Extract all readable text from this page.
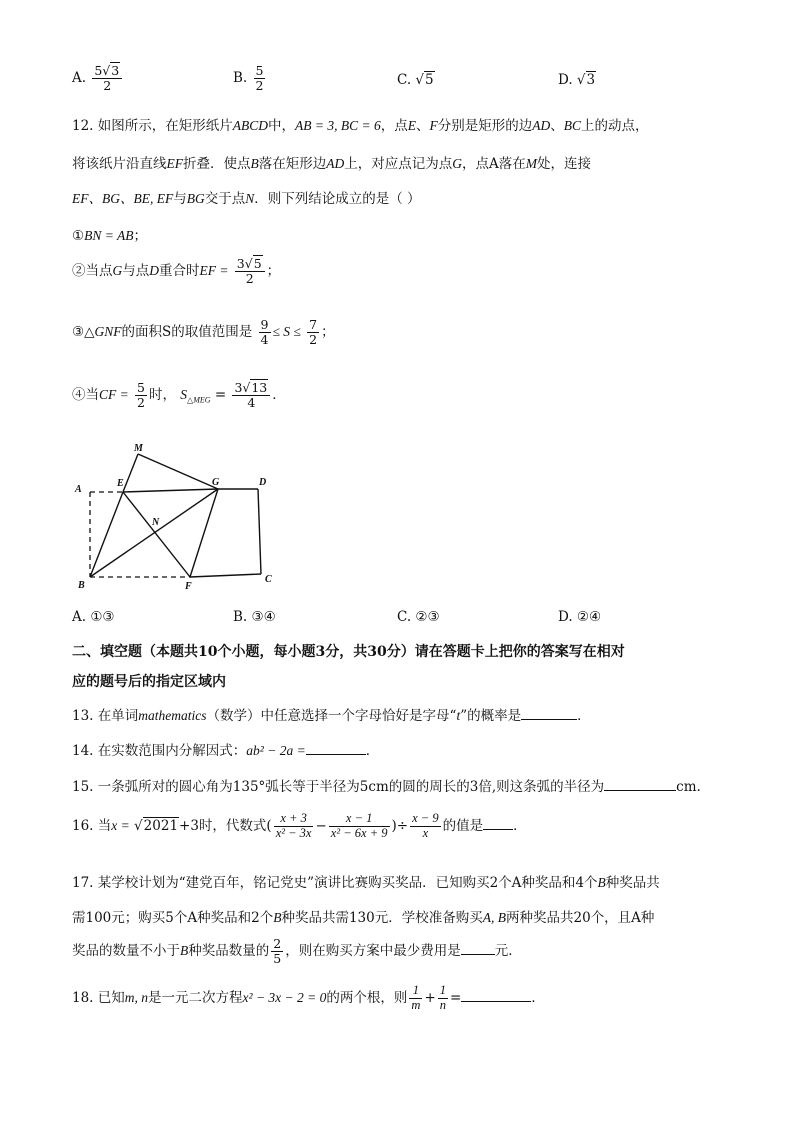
A. $\frac{5√3}{2}$	B. $\frac{5}{2}$	C. √5	D. √3
12. 如图所示，在矩形纸片ABCD中，AB = 3, BC = 6，点E、F分别是矩形的边AD、BC上的动点，
将该纸片沿直线EF折叠．使点B落在矩形边AD上，对应点记为点G，点A落在M处，连接
EF、BG、BE, EF与BG交于点N．则下列结论成立的是（ ）
①BN = AB；
②当点G与点D重合时EF = $\frac{3√5}{2}$ ；
③△GNF的面积S的取值范围是 $\frac{9}{4} \le S \le \frac{7}{2}$ ；
④当CF = $\frac{5}{2}$ 时， $S_{\triangle MEG} = \frac{3√13}{4}$ ．
M
A
E	G	D
N
B	F
C
A. ①③	B. ③④	C. ②③	D. ②④
二、填空题（本题共10个小题，每小题3分，共30分）请在答题卡上把你的答案写在相对
应的题号后的指定区域内
13. 在单词mathematics（数学）中任意选择一个字母恰好是字母“t”的概率是	．
14. 在实数范围内分解因式：ab² − 2a =	．
15. 一条弧所对的圆心角为135°弧长等于半径为5cm的圆的周长的3倍,则这条弧的半径为	cm.
16. 当x = √2021+3时，代数式( $\frac{x + 3}{\text{x² − 3x}} - \frac{x - 1}{\text{x² − 6x + 9}}$ )÷ $\frac{x - 9}{x}$ 的值是 ．
17. 某学校计划为“建党百年，铭记党史”演讲比赛购买奖品．已知购买2个A种奖品和4个B种奖品共
需100元；购买5个A种奖品和2个B种奖品共需130元．学校准备购买A, B两种奖品共20个，且A种
奖品的数量不小于B种奖品数量的 $\frac{2}{5}$ ，则在购买方案中最少费用是	元．
18. 已知m, n是一元二次方程x² − 3x − 2 = 0的两个根，则 $\frac{1}{m} + \frac{1}{n}$ =	．
